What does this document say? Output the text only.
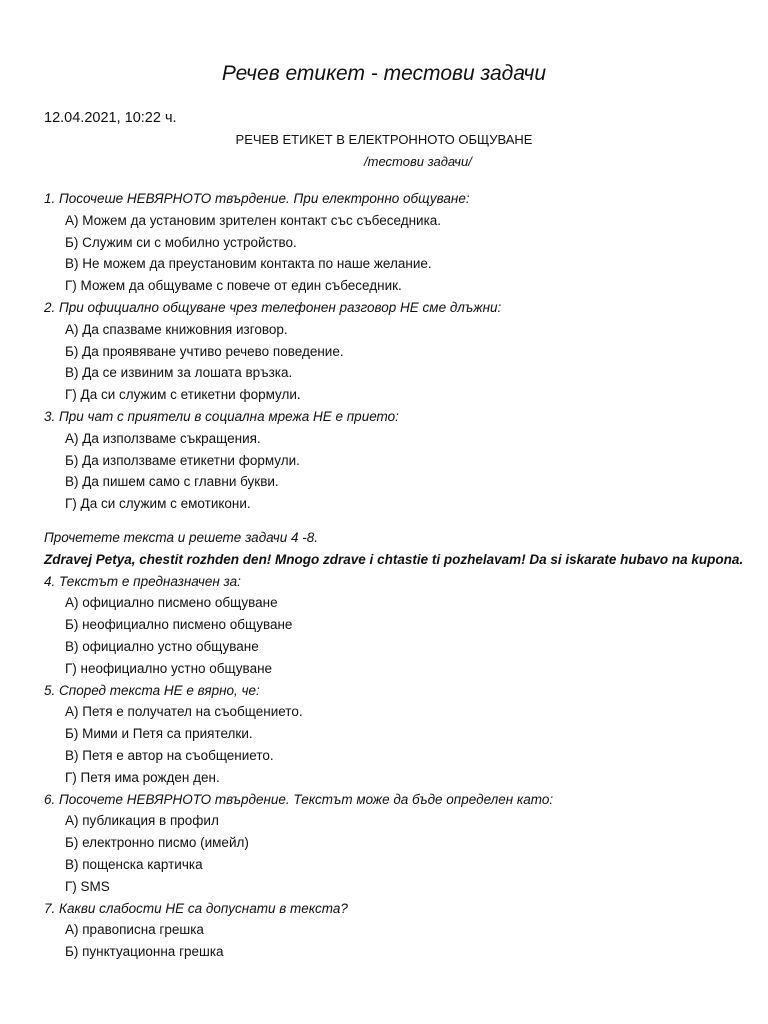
Речев етикет - тестови задачи
12.04.2021, 10:22 ч.
РЕЧЕВ ЕТИКЕТ В ЕЛЕКТРОННОТО ОБЩУВАНЕ
/тестови задачи/
1. Посочеше НЕВЯРНОТО твърдение. При електронно общуване:
А) Можем да установим зрителен контакт със събеседника.
Б) Служим си с мобилно устройство.
В) Не можем да преустановим контакта по наше желание.
Г) Можем да общуваме с повече от един събеседник.
2. При официално общуване чрез телефонен разговор НЕ сме длъжни:
А) Да спазваме книжовния изговор.
Б) Да проявяване учтиво речево поведение.
В) Да се извиним за лошата връзка.
Г) Да си служим с етикетни формули.
3. При чат с приятели в социална мрежа НЕ е прието:
А) Да използваме съкращения.
Б) Да използваме етикетни формули.
В) Да пишем само с главни букви.
Г) Да си служим с емотикони.
Прочетете текста и решете задачи 4 -8.
Zdravej Petya, chestit rozhden den! Mnogo zdrave i chtastie ti pozhelavam! Da si iskarate hubavo na kupona.
4. Текстът е предназначен за:
А) официално писмено общуване
Б) неофициално писмено общуване
В) официално устно общуване
Г) неофициално устно общуване
5. Според текста НЕ е вярно, че:
А) Петя е получател на съобщението.
Б) Мими и Петя са приятелки.
В) Петя е автор на съобщението.
Г) Петя има рожден ден.
6. Посочете НЕВЯРНОТО твърдение. Текстът може да бъде определен като:
А) публикация в профил
Б) електронно писмо (имейл)
В) пощенска картичка
Г) SMS
7. Какви слабости НЕ са допуснати в текста?
А) правописна грешка
Б) пунктуационна грешка
